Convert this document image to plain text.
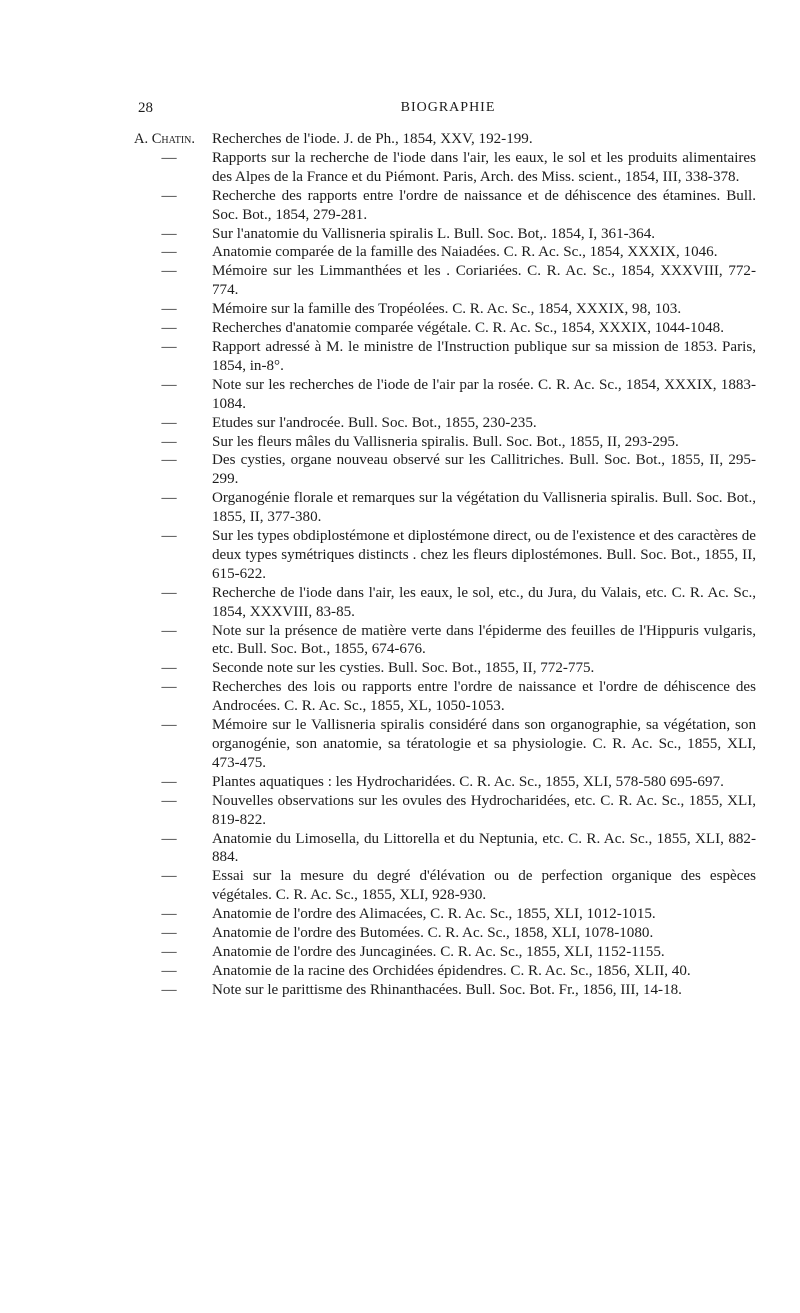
28	BIOGRAPHIE
A. Chatin.	Recherches de l'iode. J. de Ph., 1854, XXV, 192-199.
—	Rapports sur la recherche de l'iode dans l'air, les eaux, le sol et les produits alimentaires des Alpes de la France et du Piémont. Paris, Arch. des Miss. scient., 1854, III, 338-378.
—	Recherche des rapports entre l'ordre de naissance et de déhiscence des étamines. Bull. Soc. Bot., 1854, 279-281.
—	Sur l'anatomie du Vallisneria spiralis L. Bull. Soc. Bot,. 1854, I, 361-364.
—	Anatomie comparée de la famille des Naiadées. C. R. Ac. Sc., 1854, XXXIX, 1046.
—	Mémoire sur les Limmanthées et les . Coriariées. C. R. Ac. Sc., 1854, XXXVIII, 772-774.
—	Mémoire sur la famille des Tropéolées. C. R. Ac. Sc., 1854, XXXIX, 98, 103.
—	Recherches d'anatomie comparée végétale. C. R. Ac. Sc., 1854, XXXIX, 1044-1048.
—	Rapport adressé à M. le ministre de l'Instruction publique sur sa mission de 1853. Paris, 1854, in-8°.
—	Note sur les recherches de l'iode de l'air par la rosée. C. R. Ac. Sc., 1854, XXXIX, 1883-1084.
—	Etudes sur l'androcée. Bull. Soc. Bot., 1855, 230-235.
—	Sur les fleurs mâles du Vallisneria spiralis. Bull. Soc. Bot., 1855, II, 293-295.
—	Des cysties, organe nouveau observé sur les Callitriches. Bull. Soc. Bot., 1855, II, 295-299.
—	Organogénie florale et remarques sur la végétation du Vallisneria spiralis. Bull. Soc. Bot., 1855, II, 377-380.
—	Sur les types obdiplostémone et diplostémone direct, ou de l'existence et des caractères de deux types symétriques distincts . chez les fleurs diplostémones. Bull. Soc. Bot., 1855, II, 615-622.
—	Recherche de l'iode dans l'air, les eaux, le sol, etc., du Jura, du Valais, etc. C. R. Ac. Sc., 1854, XXXVIII, 83-85.
—	Note sur la présence de matière verte dans l'épiderme des feuilles de l'Hippuris vulgaris, etc. Bull. Soc. Bot., 1855, 674-676.
—	Seconde note sur les cysties. Bull. Soc. Bot., 1855, II, 772-775.
—	Recherches des lois ou rapports entre l'ordre de naissance et l'ordre de déhiscence des Androcées. C. R. Ac. Sc., 1855, XL, 1050-1053.
—	Mémoire sur le Vallisneria spiralis considéré dans son organographie, sa végétation, son organogénie, son anatomie, sa tératologie et sa physiologie. C. R. Ac. Sc., 1855, XLI, 473-475.
—	Plantes aquatiques : les Hydrocharidées. C. R. Ac. Sc., 1855, XLI, 578-580 695-697.
—	Nouvelles observations sur les ovules des Hydrocharidées, etc. C. R. Ac. Sc., 1855, XLI, 819-822.
—	Anatomie du Limosella, du Littorella et du Neptunia, etc. C. R. Ac. Sc., 1855, XLI, 882-884.
—	Essai sur la mesure du degré d'élévation ou de perfection organique des espèces végétales. C. R. Ac. Sc., 1855, XLI, 928-930.
—	Anatomie de l'ordre des Alimacées, C. R. Ac. Sc., 1855, XLI, 1012-1015.
—	Anatomie de l'ordre des Butomées. C. R. Ac. Sc., 1858, XLI, 1078-1080.
—	Anatomie de l'ordre des Juncaginées. C. R. Ac. Sc., 1855, XLI, 1152-1155.
—	Anatomie de la racine des Orchidées épidendres. C. R. Ac. Sc., 1856, XLII, 40.
—	Note sur le parittisme des Rhinanthacées. Bull. Soc. Bot. Fr., 1856, III, 14-18.
